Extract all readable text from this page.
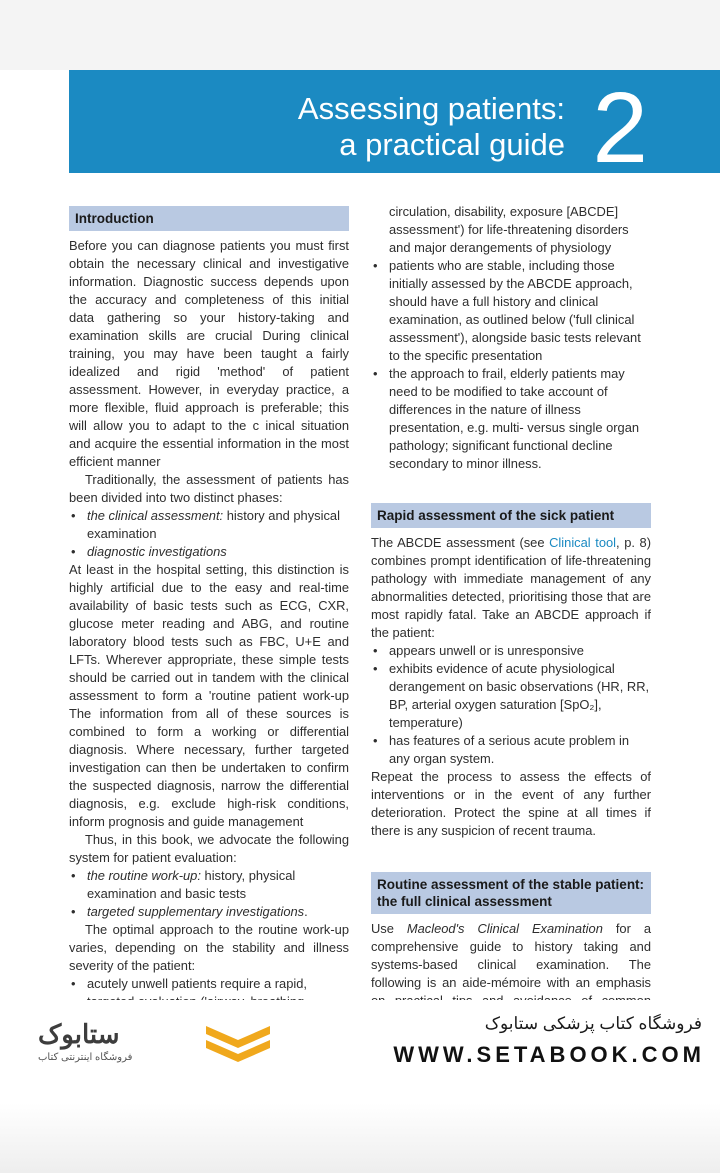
Assessing patients:
a practical guide 2
Introduction

Before you can diagnose patients you must first obtain the necessary clinical and investigative information. Diagnostic success depends upon the accuracy and completeness of this initial data gathering so your history-taking and examination skills are crucial During clinical training, you may have been taught a fairly idealized and rigid 'method' of patient assessment. However, in everyday practice, a more flexible, fluid approach is preferable; this will allow you to adapt to the c inical situation and acquire the essential information in the most efficient manner

Traditionally, the assessment of patients has been divided into two distinct phases:

• the clinical assessment: history and physical examination
• diagnostic investigations

At least in the hospital setting, this distinction is highly artificial due to the easy and real-time availability of basic tests such as ECG, CXR, glucose meter reading and ABG, and routine laboratory blood tests such as FBC, U+E and LFTs. Wherever appropriate, these simple tests should be carried out in tandem with the clinical assessment to form a 'routine patient work-up The information from all of these sources is combined to form a working or differential diagnosis. Where necessary, further targeted investigation can then be undertaken to confirm the suspected diagnosis, narrow the differential diagnosis, e.g. exclude high-risk conditions, inform prognosis and guide management

Thus, in this book, we advocate the following system for patient evaluation:

• the routine work-up: history, physical examination and basic tests
• targeted supplementary investigations.

The optimal approach to the routine work-up varies, depending on the stability and illness severity of the patient:

• acutely unwell patients require a rapid,

circulation, disability, exposure [ABCDE] assessment') for life-threatening disorders and major derangements of physiology

• patients who are stable, including those initially assessed by the ABCDE approach, should have a full history and clinical examination, as outlined below ('full clinical assessment'), alongside basic tests relevant to the specific presentation
• the approach to frail, elderly patients may need to be modified to take account of differences in the nature of illness presentation, e.g. multi- versus single organ pathology; significant functional decline secondary to minor illness.
Rapid assessment of the sick patient

The ABCDE assessment (see Clinical tool, p. 8) combines prompt identification of life-threatening pathology with immediate management of any abnormalities detected, prioritising those that are most rapidly fatal. Take an ABCDE approach if the patient:

• appears unwell or is unresponsive
• exhibits evidence of acute physiological derangement on basic observations (HR, RR, BP, arterial oxygen saturation [SpO₂], temperature)
• has features of a serious acute problem in any organ system.

Repeat the process to assess the effects of interventions or in the event of any further deterioration. Protect the spine at all times if there is any suspicion of recent trauma.

Routine assessment of the stable patient: the full clinical assessment

Use Macleod's Clinical Examination for a comprehensive guide to history taking and systems-based clinical examination. The following is an aide-mémoire with an emphasis

ستابوک
فروشگاه اینترنتی کتاب
فروشگاه کتاب پزشکی ستابوک
WWW.SETABOOK.COM
